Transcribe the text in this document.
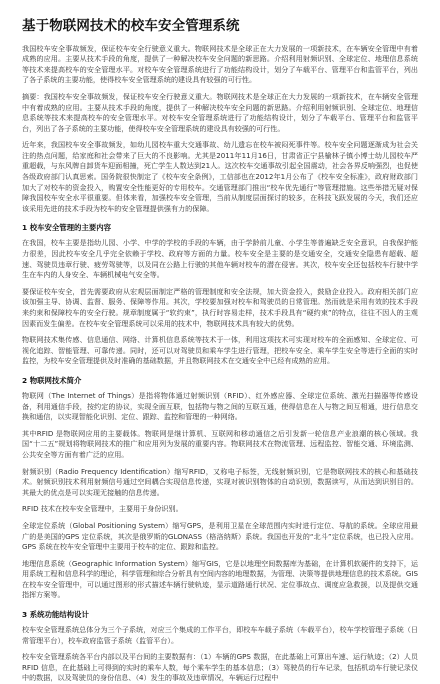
基于物联网技术的校车安全管理系统
我国校车安全事故频发，保证校车安全行驶意义重大。物联网技术是全球正在大力发展的一项新技术，在车辆安全管理中有着成熟的应用。主要从技术手段的角度，提供了一种解决校车安全问题的新思路。介绍利用射频识别、全球定位、地理信息系统等技术来提高校车的安全管理水平。对校车安全管理系统进行了功能结构设计，划分了车载平台、管理平台和监管平台，列出了各子系统的主要功能，使得校车安全管理系统的建设具有较强的可行性。
摘要：我国校车安全事故频发，保证校车安全行驶意义重大。物联网技术是全球正在大力发展的一项新技术，在车辆安全管理中有着成熟的应用。主要从技术手段的角度，提供了一种解决校车安全问题的新思路。介绍利用射频识别、全球定位、地理信息系统等技术来提高校车的安全管理水平。对校车安全管理系统进行了功能结构设计，划分了车载平台、管理平台和监管平台，列出了各子系统的主要功能，使得校车安全管理系统的建设具有较强的可行性。
近年来，我国校车安全事故频发，如幼儿园校车重大交通事故、幼儿遗忘在校车被闷死事件等。校车安全问题逐渐成为社会关注的热点问题，给家庭和社会带来了巨大的不良影响。尤其是2011年11月16日，甘肃省正宁县榆林子镇小博士幼儿园校车严重超载，与东风牌自卸货车迎面相撞，死亡学生人数达到21人。这次校车交通事故引起全国震动，社会各界反响强烈，也促使各级政府部门认真思索。国务院很快制定了《校车安全条例》，工信部也在2012年1月公布了《校车安全标准》，政府财政部门加大了对校车的资金投入，购置安全性能更好的专用校车。交通管理部门推出“校车优先通行”等管理措施。这些举措无疑对保障我国校车安全水平很重要。但体来看，加强校车安全管理，当前从制度层面探讨的较多，在科技飞跃发展的今天，我们还应该采用先进的技术手段为校车的安全管理提供强有力的保障。
1 校车安全管理的主要内容
在我国，校车主要是指幼儿园、小学、中学的学校的手段的车辆，由于学龄前儿童、小学生等普遍缺乏安全意识，自我保护能力很差，因此校车安全几乎完全依赖于学校、政府等方面的力量。校车安全是主要的是交通安全，交通安全隐患有超载、超速、驾驶员违章行驶、疲劳驾驶等，以及同在公路上行驶的其他车辆对校车的潜在侵害。其次，校车安全还包括校车行驶中学生在车内的人身安全、车辆机械电气安全等。
要保证校车安全，首先需要政府从宏观层面制定严格的管理制度和安全法规，加大资金投入，鼓励企业投入。政府相关部门应该加强主导、协调、监督、服务、保障等作用。其次，学校要加强对校车和驾驶员的日常管理。然而就是采用有效的技术手段来约束和保障校车的安全行驶。规章制度属于“软约束”，执行时容易走样，技术手段具有“硬约束”的特点，往往不因人的主观因素而发生偏差。在校车安全管理系统可以采用的技术中，物联网技术具有较大的优势。
物联网技术集传感、信息通信、网络、计算机信息系统等技术于一体，利用这项技术可实现对校车的全面感知、全球定位、可视化追踪、智能管理、可靠传递。同时，还可以对驾驶员和乘车学生进行管理，把校车安全、乘车学生安全等进行全面的实时监控，为校车安全管理提供及时准确的基础数据，并且物联网技术在交通安全中已经有成熟的应用。
2 物联网技术简介
物联网（The Internet of Things）是指将物体通过射频识别（RFID）、红外感应器、全球定位系统、激光扫描器等传感设备，利用通信手段，按约定的协议，实现全面互联，包括物与物之间的互联互通，使得信息在人与物之间互相通，进行信息交换和通信，以实现智能化识别、定位、跟踪、监控和管理的一种网络。
其中RFID 是物联网应用的主要载体。物联网是继计算机、互联网和移动通信之后引发新一轮信息产业浪潮的核心领域。我国“十二五”规划将物联网技术的推广和应用列为发展的重要内容。物联网技术在物流管理、远程监控、智能交通、环境监测、公共安全等方面有着广泛的应用。
射频识别（Radio Frequency Identification）缩写RFID，又称电子标签，无线射频识别，它是物联网技术的核心和基础技术。射频识别技术利用射频信号通过空间耦合实现信息传递，实现对被识别物体的自动识别，数据读写，从而达到识别目的。其最大的优点是可以实现无接触的信息传递。
RFID 技术在校车安全管理中，主要用于身份识别。
全球定位系统（Global Positioning System）缩写GPS，是利用卫星在全球范围内实时进行定位、导航的系统。全球应用最广的是美国的GPS 定位系统，其次是俄罗斯的GLONASS（格洛纳斯）系统。我国也开发的“北斗”定位系统，也已投入应用。GPS 系统在校车安全管理中主要用于校车的定位、跟踪和监控。
地理信息系统（Geographic Information System）缩写GIS，它是以地理空间数据库为基础，在计算机软硬件的支持下，运用系统工程和信息科学的理论，科学管理和综合分析具有空间内容的地理数据，为管理、决策等提供地理信息的技术系统。GIS 在校车安全管理中，可以通过图形的形式描述车辆行驶轨迹，显示道路通行状况、定位事故点、调度应急救援，以及提供交通指挥方案等。
3 系统功能结构设计
校车安全管理系统总体分为三个子系统，对应三个集成的工作平台，即校车车载子系统（车载平台），校车学校管理子系统（日常管理平台），校车政府监管子系统（监管平台）。
校车安全管理系统各平台内部以及平台间的主要数据有：（1）车辆的GPS 数据，在此基础上可算出车速、运行轨迹；（2）人员RFID 信息，在此基础上可得到的实时的乘车人数，每个乘车学生的基本信息；（3）驾驶员的行车记录，包括机动车行驶记录仪中的数据，以及驾驶员的身份信息、（4）发生的事故及违章情况，车辆运行过程中
